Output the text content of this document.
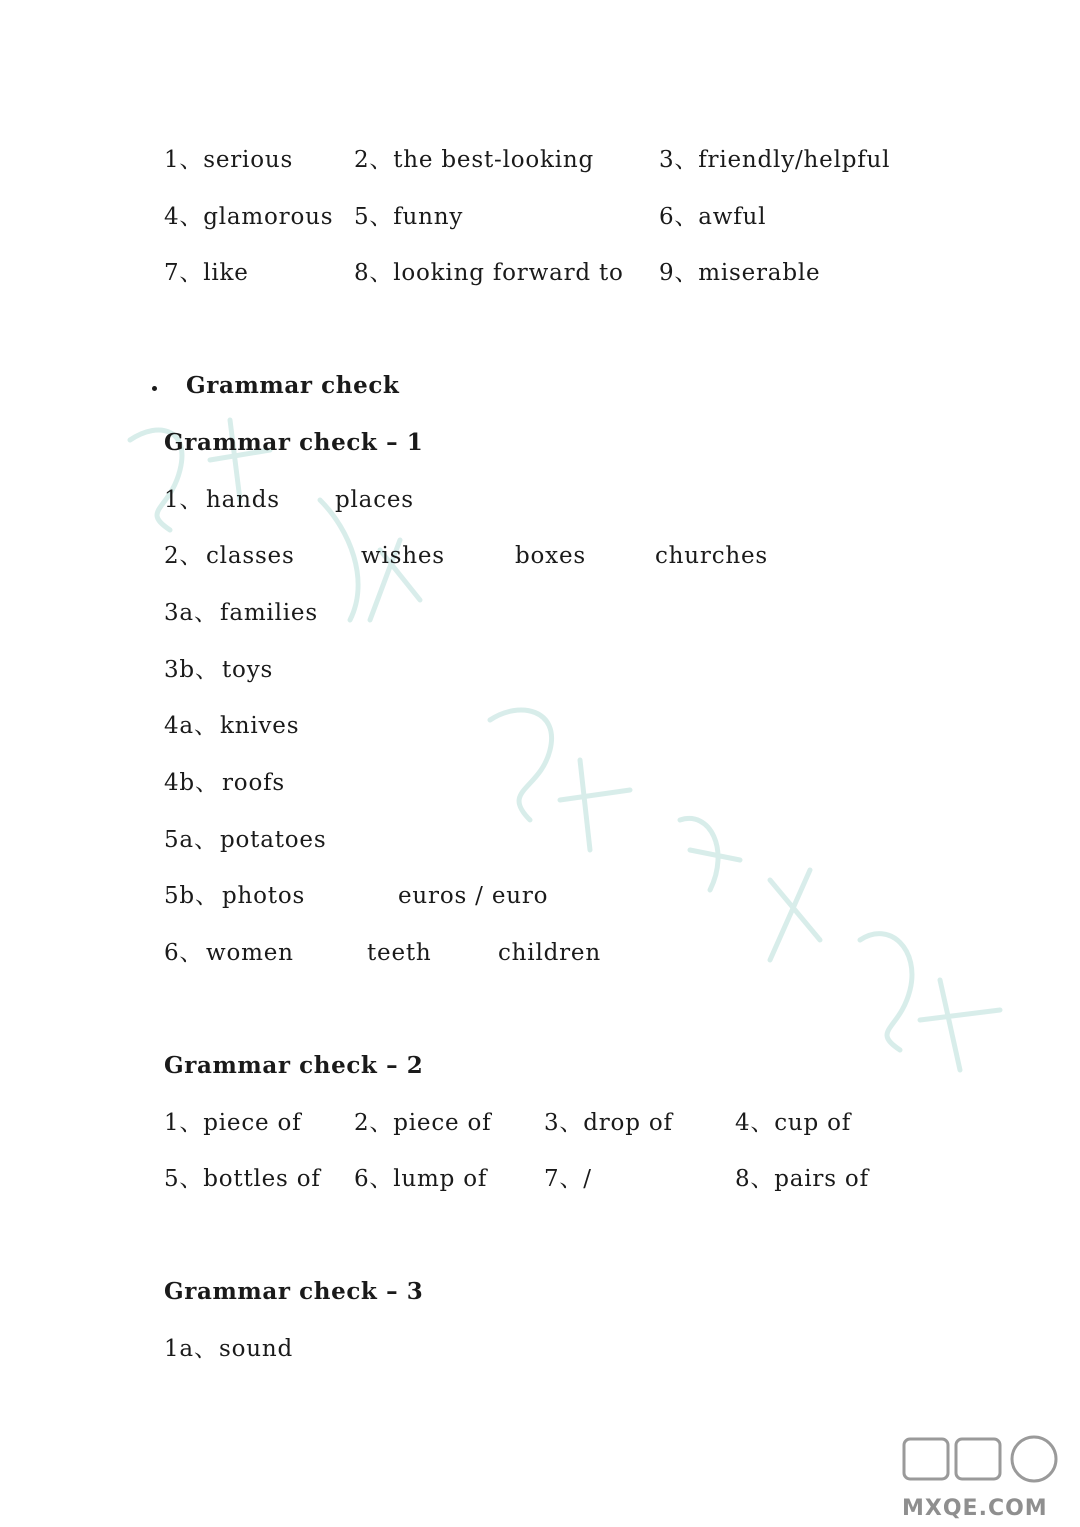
1、serious	2、the best-looking	3、friendly/helpful
4、glamorous 5、funny	6、awful
7、like	8、looking forward to 9、miserable
Grammar check
Grammar check – 1
1、 hands places
2、 classes	wishes	boxes	churches
3a、 families
3b、 toys
4a、 knives
4b、 roofs
5a、 potatoes
5b、 photos	euros / euro
6、 women	teeth	children
Grammar check – 2
1、piece of 2、piece of 3、drop of	4、cup of
5、bottles of 6、lump of 7、/	8、pairs of
Grammar check – 3
1a、 sound
MXQE.COM
